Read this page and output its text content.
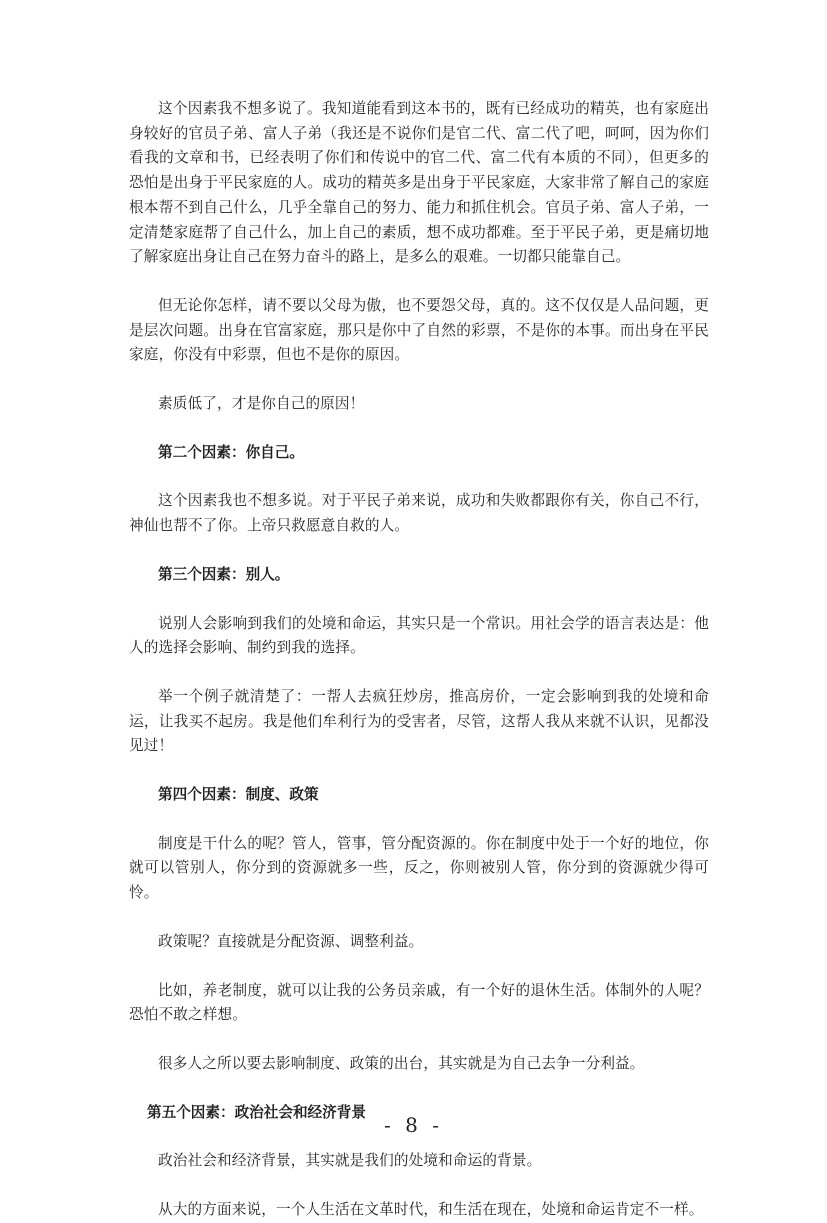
这个因素我不想多说了。我知道能看到这本书的，既有已经成功的精英，也有家庭出身较好的官员子弟、富人子弟（我还是不说你们是官二代、富二代了吧，呵呵，因为你们看我的文章和书，已经表明了你们和传说中的官二代、富二代有本质的不同），但更多的恐怕是出身于平民家庭的人。成功的精英多是出身于平民家庭，大家非常了解自己的家庭根本帮不到自己什么，几乎全靠自己的努力、能力和抓住机会。官员子弟、富人子弟，一定清楚家庭帮了自己什么，加上自己的素质，想不成功都难。至于平民子弟，更是痛切地了解家庭出身让自己在努力奋斗的路上，是多么的艰难。一切都只能靠自己。

但无论你怎样，请不要以父母为傲，也不要怨父母，真的。这不仅仅是人品问题，更是层次问题。出身在官富家庭，那只是你中了自然的彩票，不是你的本事。而出身在平民家庭，你没有中彩票，但也不是你的原因。

素质低了，才是你自己的原因！

第二个因素：你自己。

这个因素我也不想多说。对于平民子弟来说，成功和失败都跟你有关，你自己不行，神仙也帮不了你。上帝只救愿意自救的人。

第三个因素：别人。

说别人会影响到我们的处境和命运，其实只是一个常识。用社会学的语言表达是：他人的选择会影响、制约到我的选择。

举一个例子就清楚了：一帮人去疯狂炒房，推高房价，一定会影响到我的处境和命运，让我买不起房。我是他们牟利行为的受害者，尽管，这帮人我从来就不认识，见都没见过！

第四个因素：制度、政策

制度是干什么的呢？管人，管事，管分配资源的。你在制度中处于一个好的地位，你就可以管别人，你分到的资源就多一些，反之，你则被别人管，你分到的资源就少得可怜。

政策呢？直接就是分配资源、调整利益。

比如，养老制度，就可以让我的公务员亲戚，有一个好的退休生活。体制外的人呢？恐怕不敢之样想。

很多人之所以要去影响制度、政策的出台，其实就是为自己去争一分利益。

第五个因素：政治社会和经济背景

政治社会和经济背景，其实就是我们的处境和命运的背景。

从大的方面来说，一个人生活在文革时代，和生活在现在，处境和命运肯定不一样。

- 8 -
